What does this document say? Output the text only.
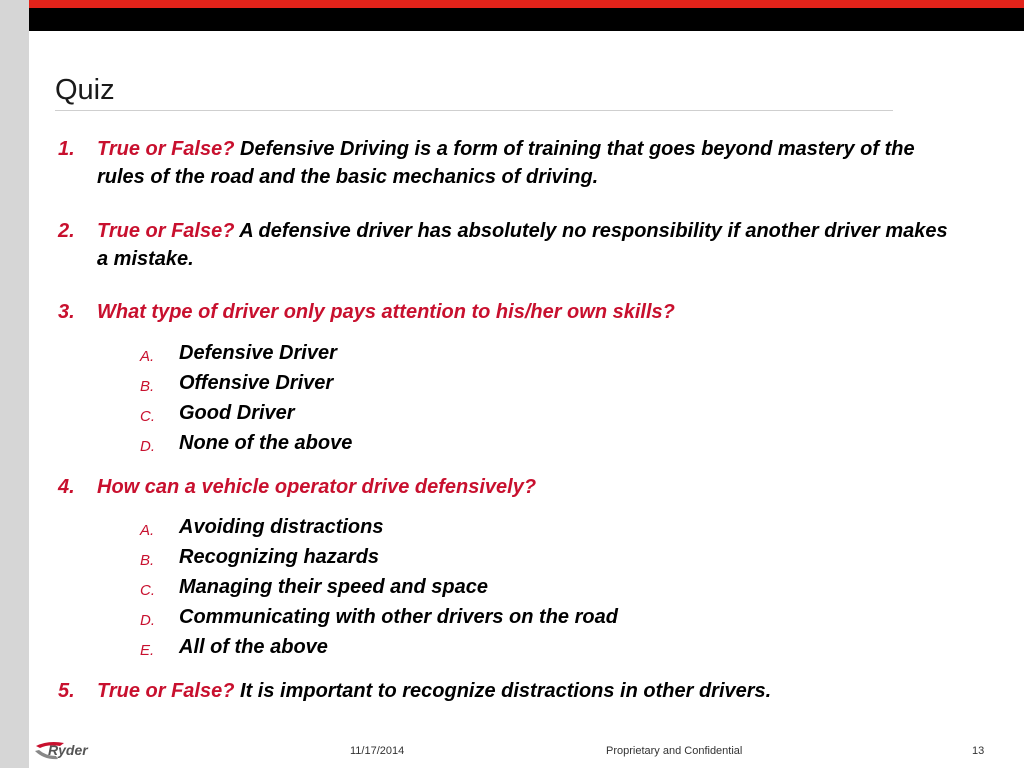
Quiz
1. True or False? Defensive Driving is a form of training that goes beyond mastery of the rules of the road and the basic mechanics of driving.
2. True or False? A defensive driver has absolutely no responsibility if another driver makes a mistake.
3. What type of driver only pays attention to his/her own skills?
A. Defensive Driver
B. Offensive Driver
C. Good Driver
D. None of the above
4. How can a vehicle operator drive defensively?
A. Avoiding distractions
B. Recognizing hazards
C. Managing their speed and space
D. Communicating with other drivers on the road
E. All of the above
5. True or False? It is important to recognize distractions in other drivers.
Ryder	11/17/2014	Proprietary and Confidential	13
